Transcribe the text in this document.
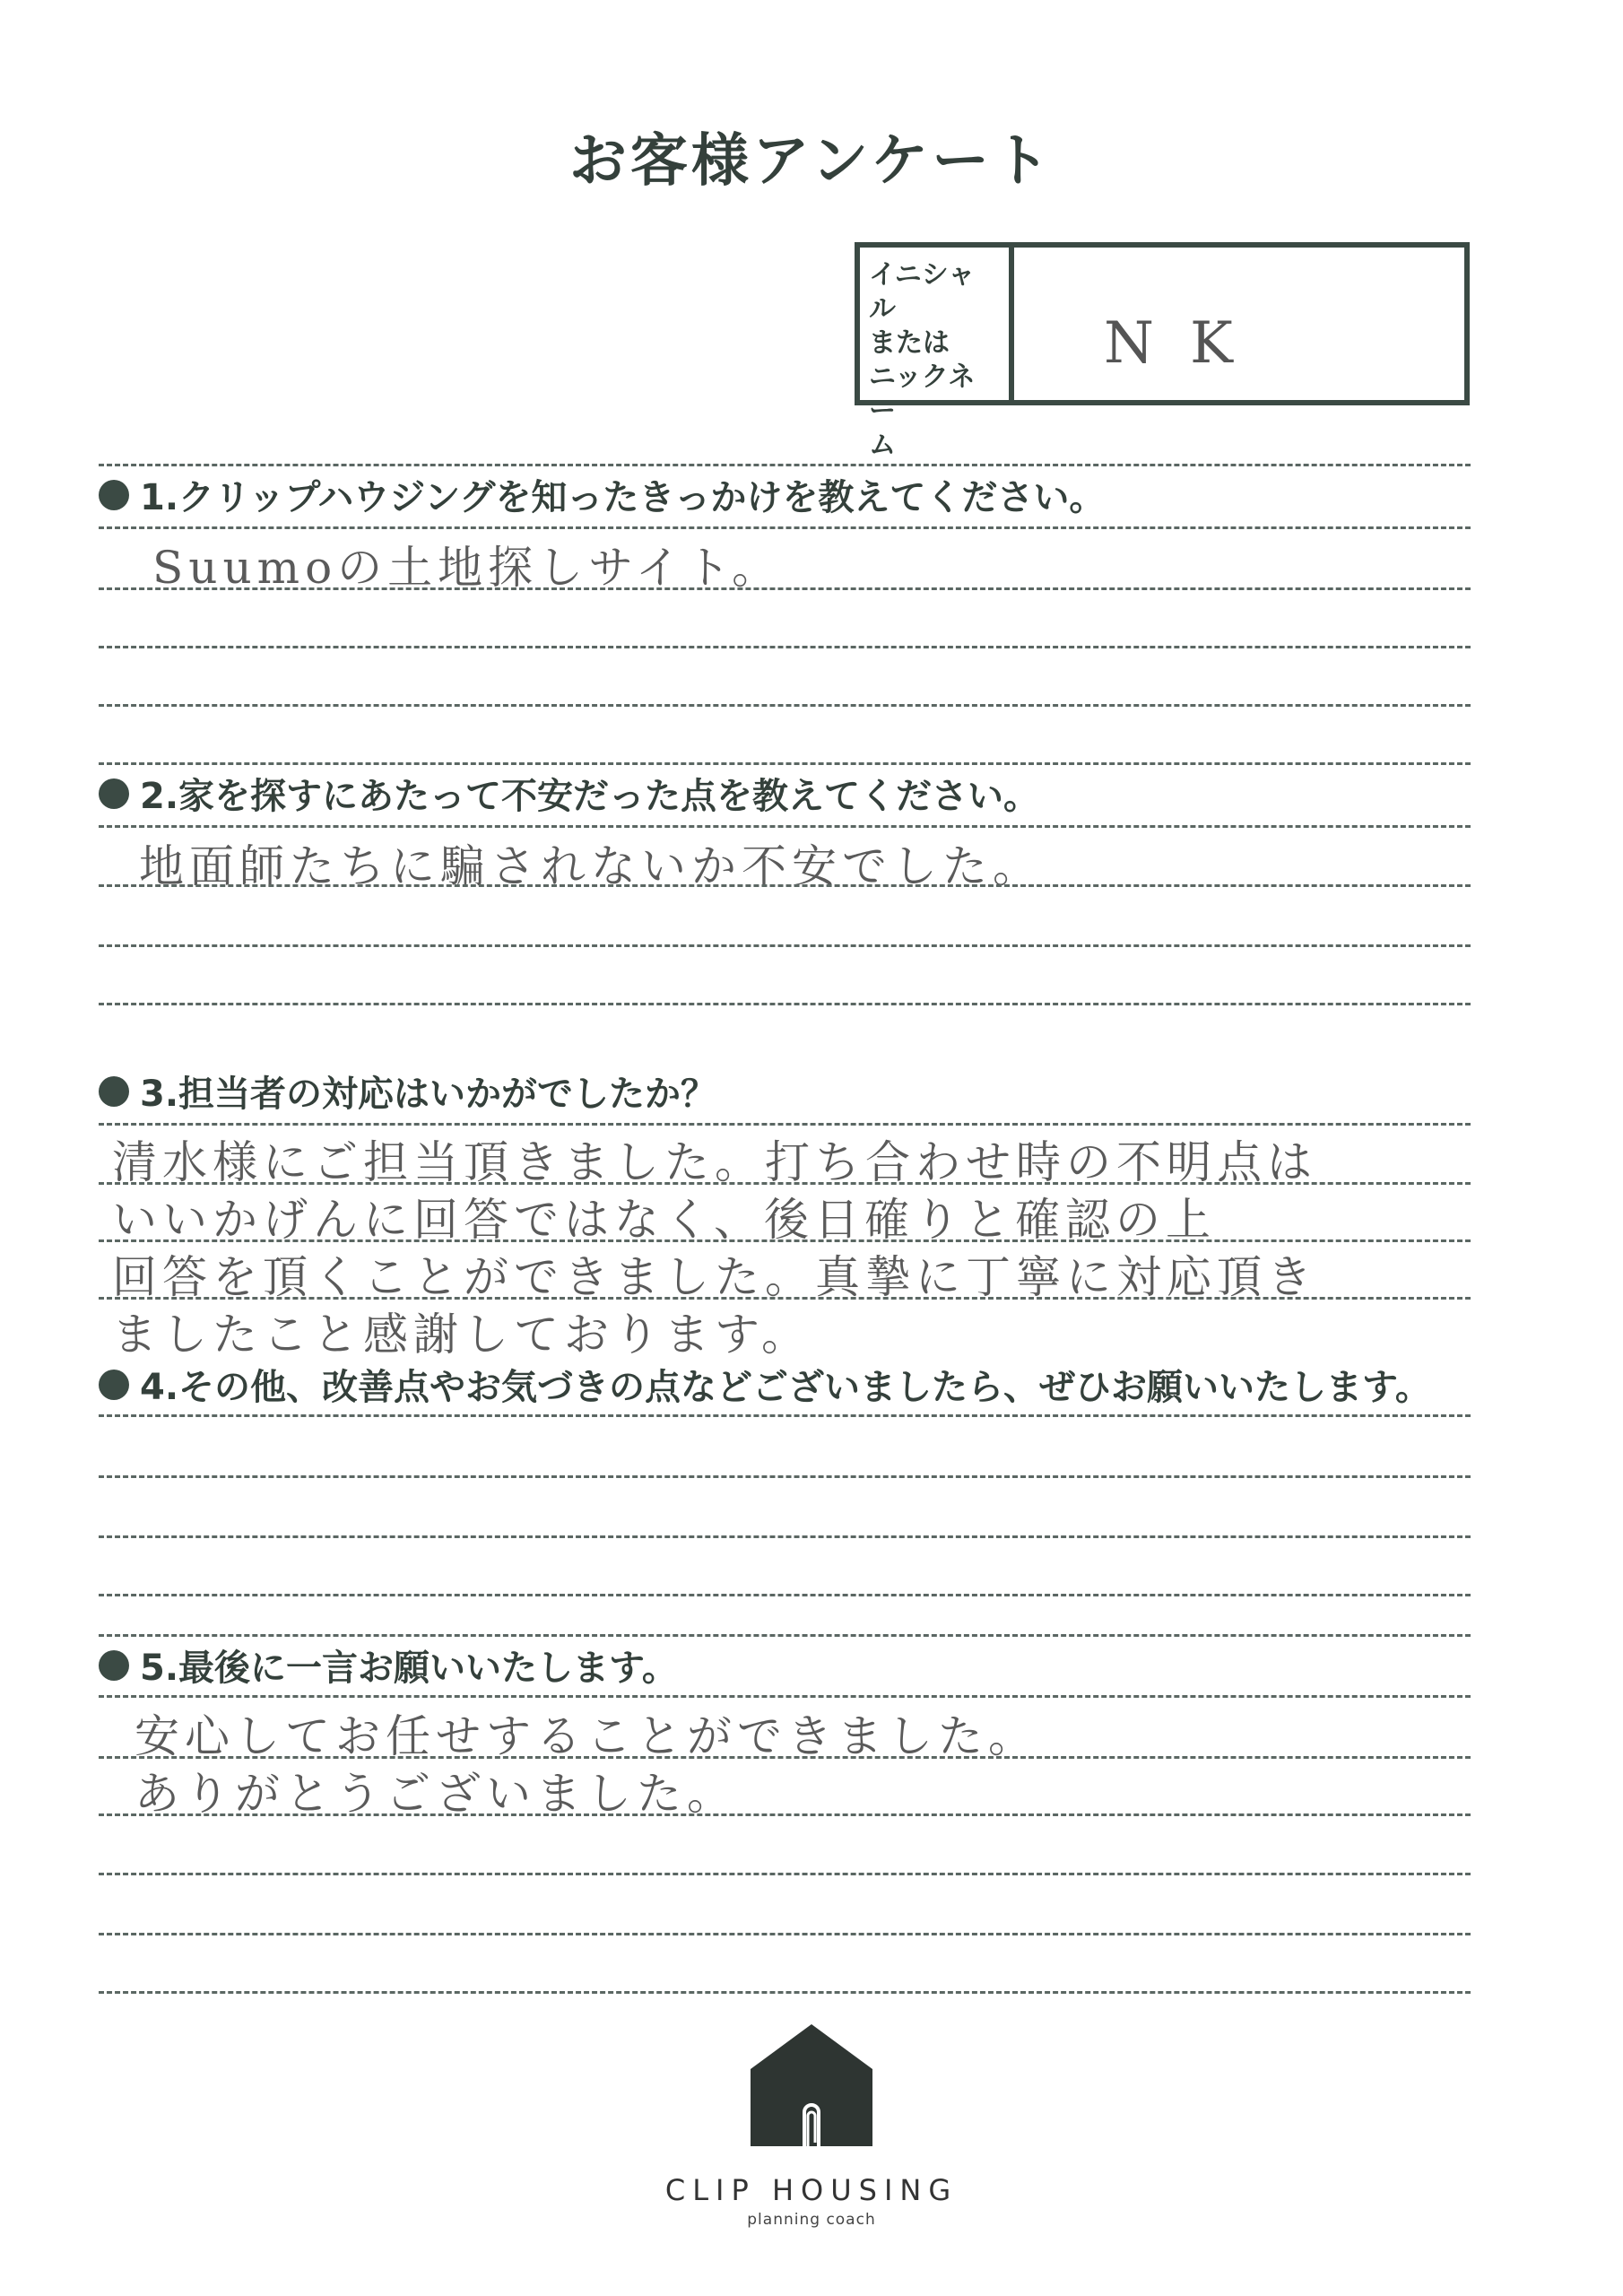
お客様アンケート
イニシャル
または
ニックネー
ム
NK
1.クリップハウジングを知ったきっかけを教えてください。
Suumoの土地探しサイト。
2.家を探すにあたって不安だった点を教えてください。
地面師たちに騙されないか不安でした。
3.担当者の対応はいかがでしたか？
清水様にご担当頂きました。打ち合わせ時の不明点は
いいかげんに回答ではなく、後日確りと確認の上
回答を頂くことができました。真摯に丁寧に対応頂き
ましたこと感謝しております。
4.その他、改善点やお気づきの点などございましたら、ぜひお願いいたします。
5.最後に一言お願いいたします。
安心してお任せすることができました。
ありがとうございました。
CLIP HOUSING
planning coach
